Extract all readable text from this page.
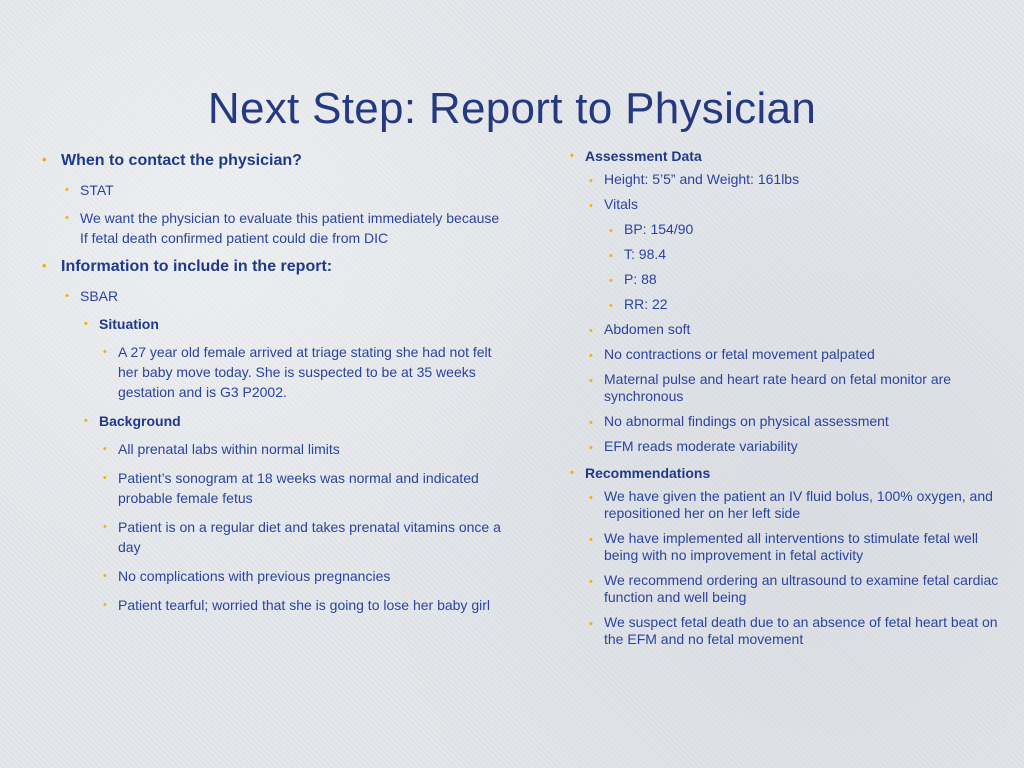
Next Step: Report to Physician
• When to contact the physician?
• STAT
• We want the physician to evaluate this patient immediately because If fetal death confirmed patient could die from DIC
• Information to include in the report:
• SBAR
• Situation
• A 27 year old female arrived at triage stating she had not felt her baby move today. She is suspected to be at 35 weeks gestation and is G3 P2002.
• Background
• All prenatal labs within normal limits
• Patient’s sonogram at 18 weeks was normal and indicated probable female fetus
• Patient is on a regular diet and takes prenatal vitamins once a day
• No complications with previous pregnancies
• Patient tearful; worried that she is going to lose her baby girl
• Assessment Data
• Height: 5’5” and Weight: 161lbs
• Vitals
• BP: 154/90
• T: 98.4
• P: 88
• RR: 22
• Abdomen soft
• No contractions or fetal movement palpated
• Maternal pulse and heart rate heard on fetal monitor are synchronous
• No abnormal findings on physical assessment
• EFM reads moderate variability
• Recommendations
• We have given the patient an IV fluid bolus, 100% oxygen, and repositioned her on her left side
• We have implemented all interventions to stimulate fetal well being with no improvement in fetal activity
• We recommend ordering an ultrasound to examine fetal cardiac function and well being
• We suspect fetal death due to an absence of fetal heart beat on the EFM and no fetal movement
